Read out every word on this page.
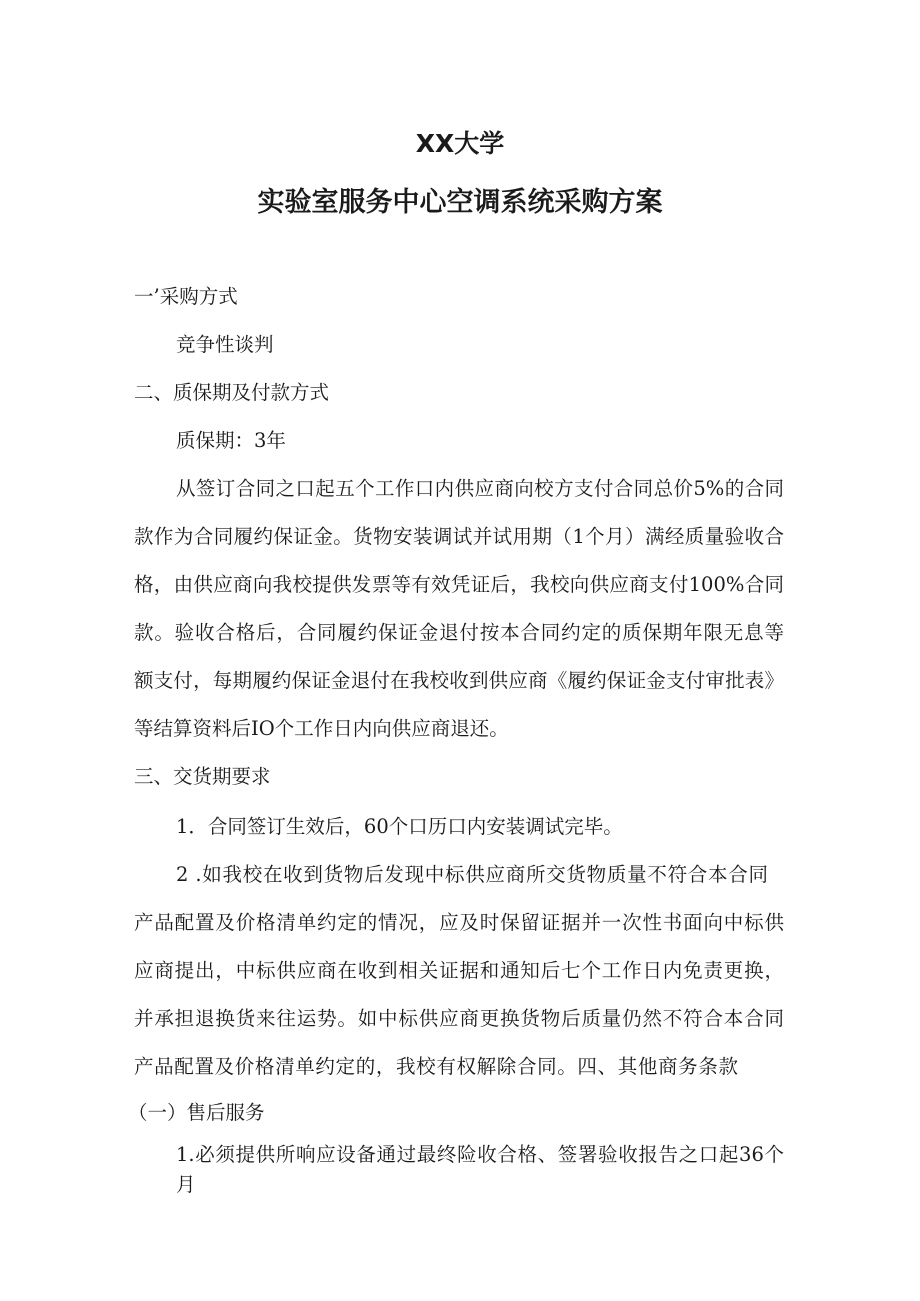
XX大学
实验室服务中心空调系统采购方案

一’采购方式

竞争性谈判

二、质保期及付款方式

质保期：3年

从签订合同之口起五个工作口内供应商向校方支付合同总价5%的合同

款作为合同履约保证金。货物安装调试并试用期（1个月）满经质量验收合

格，由供应商向我校提供发票等有效凭证后，我校向供应商支付100%合同

款。验收合格后，合同履约保证金退付按本合同约定的质保期年限无息等

额支付，每期履约保证金退付在我校收到供应商《履约保证金支付审批表》

等结算资料后IO个工作日内向供应商退还。

三、交货期要求

1．合同签订生效后，60个口历口内安装调试完毕。

2 .如我校在收到货物后发现中标供应商所交货物质量不符合本合同

产品配置及价格清单约定的情况，应及时保留证据并一次性书面向中标供

应商提出，中标供应商在收到相关证据和通知后七个工作日内免责更换，

并承担退换货来往运势。如中标供应商更换货物后质量仍然不符合本合同

产品配置及价格清单约定的，我校有权解除合同。四、其他商务条款

（一）售后服务

1.必须提供所响应设备通过最终险收合格、签署验收报告之口起36个月
